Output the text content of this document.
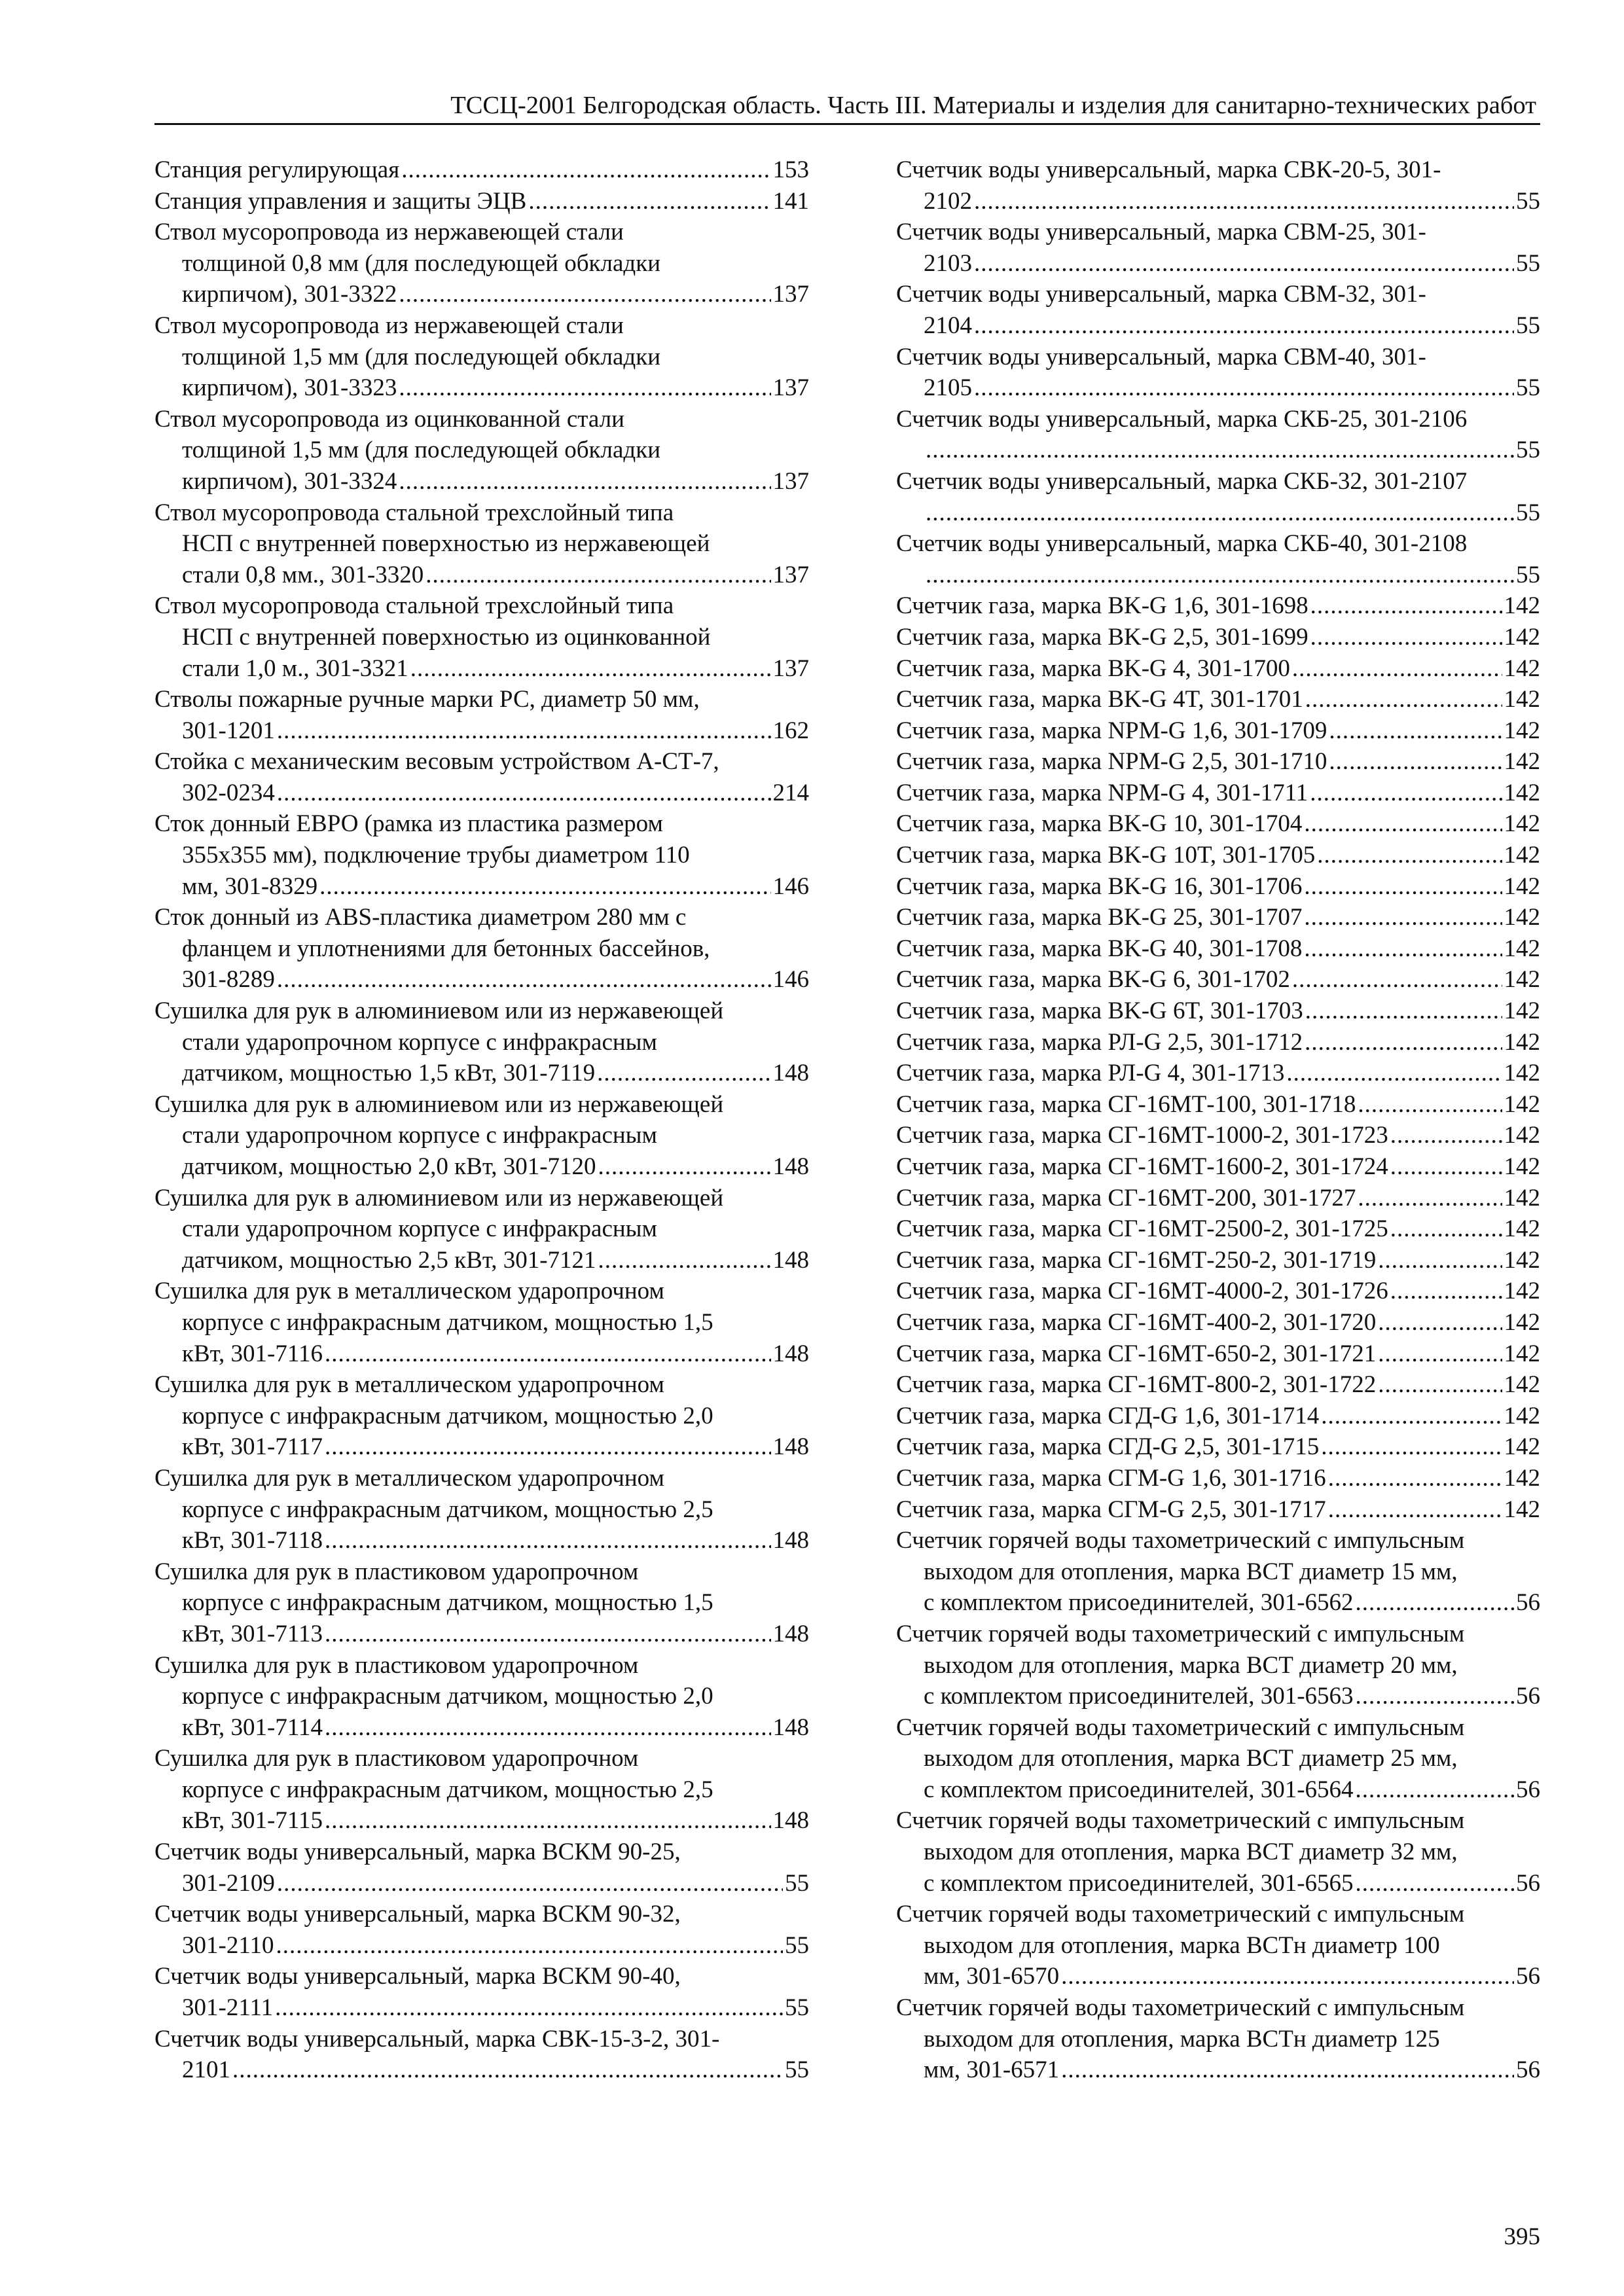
ТССЦ-2001 Белгородская область. Часть III. Материалы и изделия для санитарно-технических работ
Станция регулирующая .....	153
Станция управления и защиты ЭЦВ .....	141
Ствол мусоропровода из нержавеющей стали
толщиной 0,8 мм (для последующей обкладки
кирпичом), 301-3322 .....	137
Ствол мусоропровода из нержавеющей стали
толщиной 1,5 мм (для последующей обкладки
кирпичом), 301-3323 .....	137
Ствол мусоропровода из оцинкованной стали
толщиной 1,5 мм (для последующей обкладки
кирпичом), 301-3324 .....	137
Ствол мусоропровода стальной трехслойный типа
НСП с внутренней поверхностью из нержавеющей
стали 0,8 мм., 301-3320 .....	137
Ствол мусоропровода стальной трехслойный типа
НСП с внутренней поверхностью из оцинкованной
стали 1,0 м., 301-3321 .....	137
Стволы пожарные ручные марки РС, диаметр 50 мм,
301-1201 .....	162
Стойка с механическим весовым устройством А-СТ-7,
302-0234 .....	214
Сток донный ЕВРО (рамка из пластика размером
355х355 мм), подключение трубы диаметром 110
мм, 301-8329 .....	146
Сток донный из ABS-пластика диаметром 280 мм с
фланцем и уплотнениями для бетонных бассейнов,
301-8289 .....	146
Сушилка для рук в алюминиевом или из нержавеющей
стали ударопрочном корпусе с инфракрасным
датчиком, мощностью 1,5 кВт, 301-7119 .....	148
Сушилка для рук в алюминиевом или из нержавеющей
стали ударопрочном корпусе с инфракрасным
датчиком, мощностью 2,0 кВт, 301-7120 .....	148
Сушилка для рук в алюминиевом или из нержавеющей
стали ударопрочном корпусе с инфракрасным
датчиком, мощностью 2,5 кВт, 301-7121 .....	148
Сушилка для рук в металлическом ударопрочном
корпусе с инфракрасным датчиком, мощностью 1,5
кВт, 301-7116 .....	148
Сушилка для рук в металлическом ударопрочном
корпусе с инфракрасным датчиком, мощностью 2,0
кВт, 301-7117 .....	148
Сушилка для рук в металлическом ударопрочном
корпусе с инфракрасным датчиком, мощностью 2,5
кВт, 301-7118 .....	148
Сушилка для рук в пластиковом ударопрочном
корпусе с инфракрасным датчиком, мощностью 1,5
кВт, 301-7113 .....	148
Сушилка для рук в пластиковом ударопрочном
корпусе с инфракрасным датчиком, мощностью 2,0
кВт, 301-7114 .....	148
Сушилка для рук в пластиковом ударопрочном
корпусе с инфракрасным датчиком, мощностью 2,5
кВт, 301-7115 .....	148
Счетчик воды универсальный, марка ВСКМ 90-25,
301-2109 .....	55
Счетчик воды универсальный, марка ВСКМ 90-32,
301-2110 .....	55
Счетчик воды универсальный, марка ВСКМ 90-40,
301-2111 .....	55
Счетчик воды универсальный, марка СВК-15-3-2, 301-
2101 .....	55
Счетчик воды универсальный, марка СВК-20-5, 301-
2102 .....	55
Счетчик воды универсальный, марка СВМ-25, 301-
2103 .....	55
Счетчик воды универсальный, марка СВМ-32, 301-
2104 .....	55
Счетчик воды универсальный, марка СВМ-40, 301-
2105 .....	55
Счетчик воды универсальный, марка СКБ-25, 301-2106
.....
55
Счетчик воды универсальный, марка СКБ-32, 301-2107
.....
55
Счетчик воды универсальный, марка СКБ-40, 301-2108
.....
55
Счетчик газа, марка BK-G 1,6, 301-1698 .....	142
Счетчик газа, марка BK-G 2,5, 301-1699 .....	142
Счетчик газа, марка BK-G 4, 301-1700 .....	142
Счетчик газа, марка BK-G 4T, 301-1701 .....	142
Счетчик газа, марка NPM-G 1,6, 301-1709 .....	142
Счетчик газа, марка NPM-G 2,5, 301-1710 .....	142
Счетчик газа, марка NPM-G 4, 301-1711 .....	142
Счетчик газа, марка BK-G 10, 301-1704 .....	142
Счетчик газа, марка BK-G 10T, 301-1705 .....	142
Счетчик газа, марка BK-G 16, 301-1706 .....	142
Счетчик газа, марка BK-G 25, 301-1707 .....	142
Счетчик газа, марка BK-G 40, 301-1708 .....	142
Счетчик газа, марка BK-G 6, 301-1702 .....	142
Счетчик газа, марка BK-G 6T, 301-1703 .....	142
Счетчик газа, марка РЛ-G 2,5, 301-1712 .....	142
Счетчик газа, марка РЛ-G 4, 301-1713 .....	142
Счетчик газа, марка СГ-16МТ-100, 301-1718 .....	142
Счетчик газа, марка СГ-16МТ-1000-2, 301-1723 .....	142
Счетчик газа, марка СГ-16МТ-1600-2, 301-1724 .....	142
Счетчик газа, марка СГ-16МТ-200, 301-1727 .....	142
Счетчик газа, марка СГ-16МТ-2500-2, 301-1725 .....	142
Счетчик газа, марка СГ-16МТ-250-2, 301-1719 .....	142
Счетчик газа, марка СГ-16МТ-4000-2, 301-1726 .....	142
Счетчик газа, марка СГ-16МТ-400-2, 301-1720 .....	142
Счетчик газа, марка СГ-16МТ-650-2, 301-1721 .....	142
Счетчик газа, марка СГ-16МТ-800-2, 301-1722 .....	142
Счетчик газа, марка СГД-G 1,6, 301-1714 .....	142
Счетчик газа, марка СГД-G 2,5, 301-1715 .....	142
Счетчик газа, марка СГМ-G 1,6, 301-1716 .....	142
Счетчик газа, марка СГМ-G 2,5, 301-1717 .....	142
Счетчик горячей воды тахометрический с импульсным
выходом для отопления, марка ВСТ диаметр 15 мм,
с комплектом присоединителей, 301-6562 .....	56
Счетчик горячей воды тахометрический с импульсным
выходом для отопления, марка ВСТ диаметр 20 мм,
с комплектом присоединителей, 301-6563 .....	56
Счетчик горячей воды тахометрический с импульсным
выходом для отопления, марка ВСТ диаметр 25 мм,
с комплектом присоединителей, 301-6564 .....	56
Счетчик горячей воды тахометрический с импульсным
выходом для отопления, марка ВСТ диаметр 32 мм,
с комплектом присоединителей, 301-6565 .....	56
Счетчик горячей воды тахометрический с импульсным
выходом для отопления, марка ВСТн диаметр 100
мм, 301-6570 .....	56
Счетчик горячей воды тахометрический с импульсным
выходом для отопления, марка ВСТн диаметр 125
мм, 301-6571 .....	56
395
